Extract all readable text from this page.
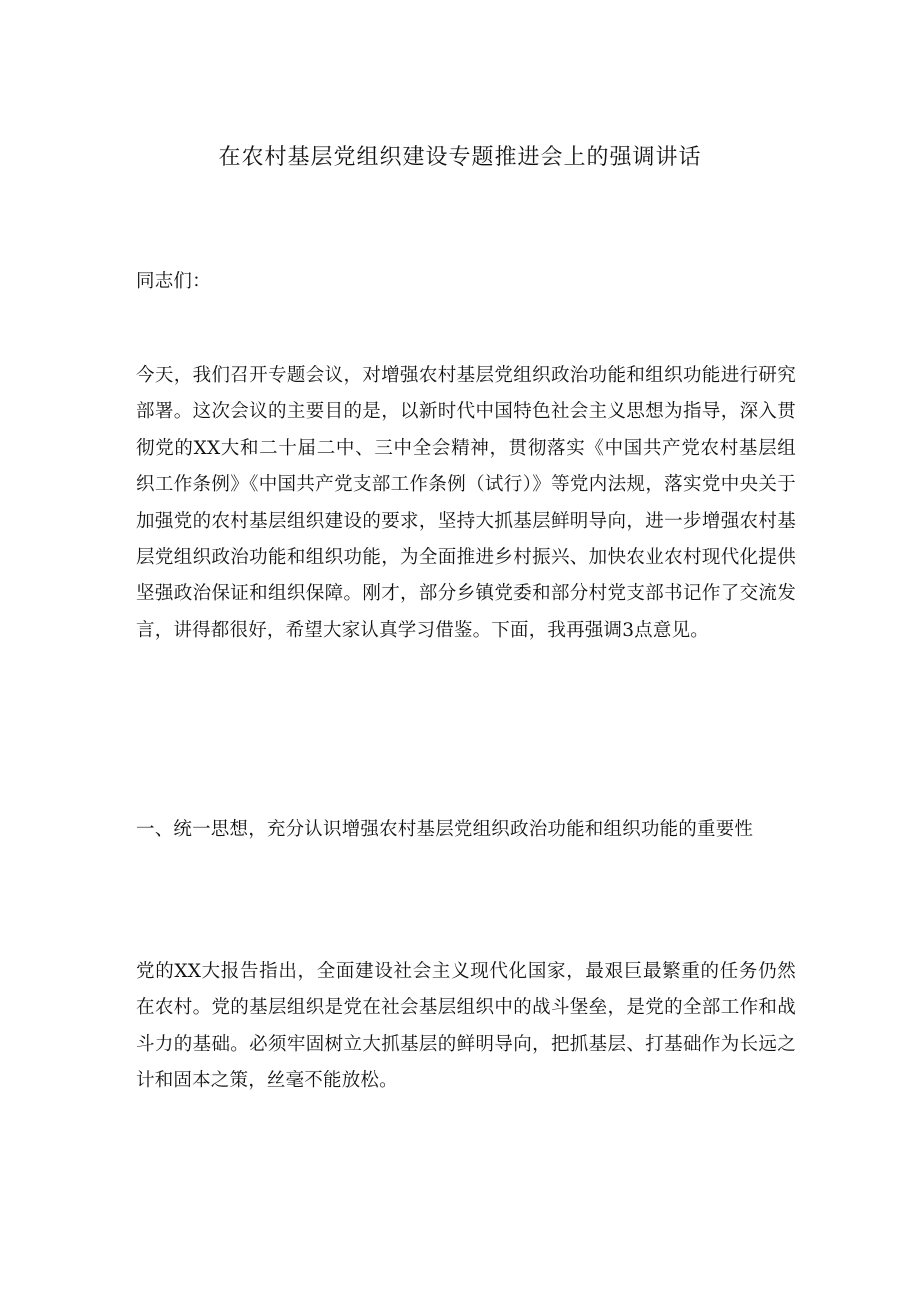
在农村基层党组织建设专题推进会上的强调讲话

同志们：

今天，我们召开专题会议，对增强农村基层党组织政治功能和组织功能进行研究部署。这次会议的主要目的是，以新时代中国特色社会主义思想为指导，深入贯彻党的XX大和二十届二中、三中全会精神，贯彻落实《中国共产党农村基层组织工作条例》《中国共产党支部工作条例（试行）》等党内法规，落实党中央关于加强党的农村基层组织建设的要求，坚持大抓基层鲜明导向，进一步增强农村基层党组织政治功能和组织功能，为全面推进乡村振兴、加快农业农村现代化提供坚强政治保证和组织保障。刚才，部分乡镇党委和部分村党支部书记作了交流发言，讲得都很好，希望大家认真学习借鉴。下面，我再强调3点意见。

一、统一思想，充分认识增强农村基层党组织政治功能和组织功能的重要性

党的XX大报告指出，全面建设社会主义现代化国家，最艰巨最繁重的任务仍然在农村。党的基层组织是党在社会基层组织中的战斗堡垒，是党的全部工作和战斗力的基础。必须牢固树立大抓基层的鲜明导向，把抓基层、打基础作为长远之计和固本之策，丝毫不能放松。
